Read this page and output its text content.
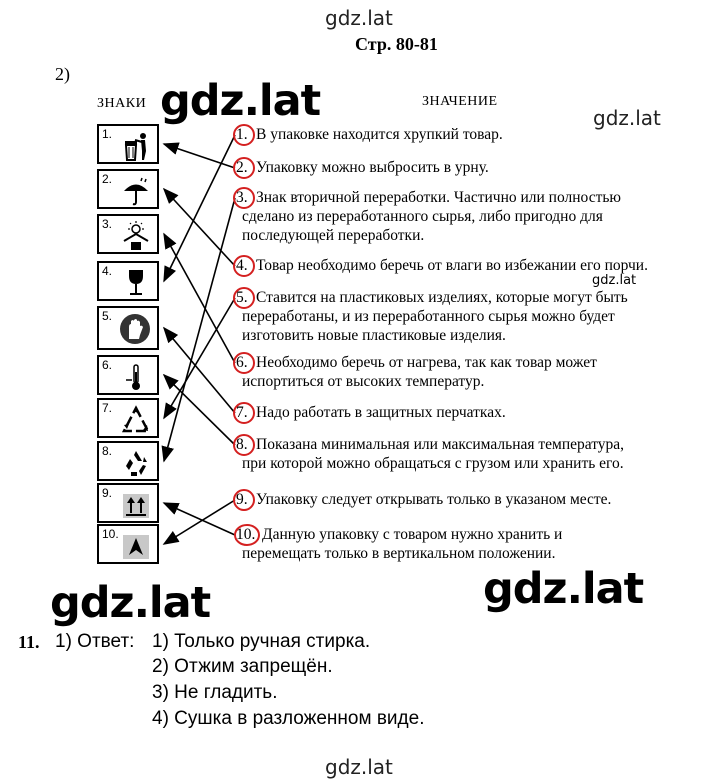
gdz.lat
gdz.lat	gdz.lat
gdz.lat
gdz.lat	gdz.lat
gdz.lat
Стр. 80-81
2)
ЗНАКИ	ЗНАЧЕНИЕ
1.
2.
3.
4.
5.
6.
7.
8.
9.
10.
1. В упаковке находится хрупкий товар.
2. Упаковку можно выбросить в урну.
3. Знак вторичной переработки. Частично или полностью
сделано из переработанного сырья, либо пригодно для
последующей переработки.
4. Товар необходимо беречь от влаги во избежании его порчи.
5. Ставится на пластиковых изделиях, которые могут быть
переработаны, и из переработанного сырья можно будет
изготовить новые пластиковые изделия.
6. Необходимо беречь от нагрева, так как товар может
испортиться от высоких температур.
7. Надо работать в защитных перчатках.
8. Показана минимальная или максимальная температура,
при которой можно обращаться с грузом или хранить его.
9. Упаковку следует открывать только в указаном месте.
10. Данную упаковку с товаром нужно хранить и
перемещать только в вертикальном положении.
11. 1) Ответ: 1) Только ручная стирка.
2) Отжим запрещён.
3) Не гладить.
4) Сушка в разложенном виде.
